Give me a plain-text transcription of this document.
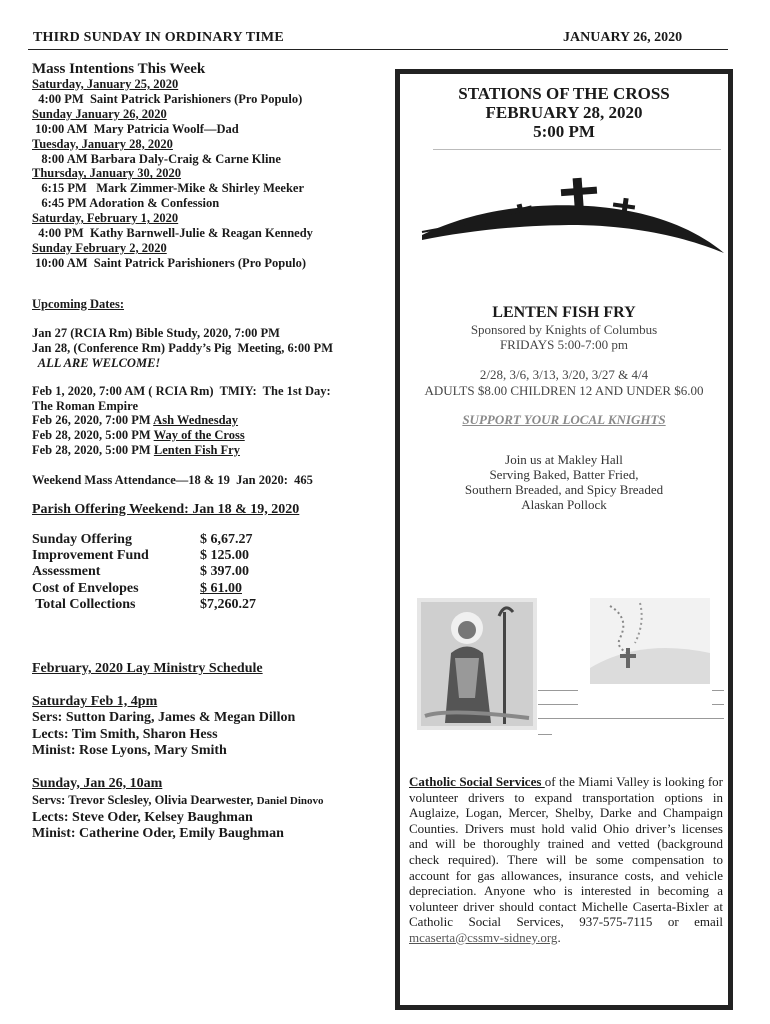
THIRD SUNDAY IN ORDINARY TIME	JANUARY 26, 2020
Mass Intentions This Week
Saturday, January 25, 2020
4:00 PM  Saint Patrick Parishioners (Pro Populo)
Sunday January 26, 2020
10:00 AM  Mary Patricia Woolf—Dad
Tuesday, January 28, 2020
8:00 AM Barbara Daly-Craig & Carne Kline
Thursday, January 30, 2020
6:15 PM   Mark Zimmer-Mike & Shirley Meeker
6:45 PM Adoration & Confession
Saturday, February 1, 2020
4:00 PM  Kathy Barnwell-Julie & Reagan Kennedy
Sunday February 2, 2020
10:00 AM  Saint Patrick Parishioners (Pro Populo)
Upcoming Dates:
Jan 27 (RCIA Rm) Bible Study, 2020, 7:00 PM
Jan 28, (Conference Rm) Paddy’s Pig  Meeting, 6:00 PM
ALL ARE WELCOME!
Feb 1, 2020, 7:00 AM ( RCIA Rm)  TMIY:  The 1st Day:
The Roman Empire
Feb 26, 2020, 7:00 PM Ash Wednesday
Feb 28, 2020, 5:00 PM Way of the Cross
Feb 28, 2020, 5:00 PM Lenten Fish Fry
Weekend Mass Attendance—18 & 19  Jan 2020:  465
Parish Offering Weekend: Jan 18 & 19, 2020
Sunday Offering	$ 6,67.27
Improvement Fund	$ 125.00
Assessment	$ 397.00
Cost of Envelopes	$ 61.00
Total Collections	$7,260.27
February, 2020 Lay Ministry Schedule
Saturday Feb 1, 4pm
Sers: Sutton Daring, James & Megan Dillon
Lects: Tim Smith, Sharon Hess
Minist: Rose Lyons, Mary Smith
Sunday, Jan 26, 10am
Servs: Trevor Sclesley, Olivia Dearwester, Daniel Dinovo
Lects: Steve Oder, Kelsey Baughman
Minist: Catherine Oder, Emily Baughman
STATIONS OF THE CROSS
FEBRUARY 28, 2020
5:00 PM
LENTEN FISH FRY
Sponsored by Knights of Columbus
FRIDAYS 5:00-7:00 pm
2/28, 3/6, 3/13, 3/20, 3/27 & 4/4
ADULTS $8.00 CHILDREN 12 AND UNDER $6.00
SUPPORT YOUR LOCAL KNIGHTS
Join us at Makley Hall
Serving Baked, Batter Fried,
Southern Breaded, and Spicy Breaded
Alaskan Pollock
Catholic Social Services of the Miami Valley is looking for volunteer drivers to expand transportation options in Auglaize, Logan, Mercer, Shelby, Darke and Champaign Counties. Drivers must hold valid Ohio driver’s licenses and will be thoroughly trained and vetted (background check required). There will be some compensation to account for gas allowances, insurance costs, and vehicle depreciation. Anyone who is interested in becoming a volunteer driver should contact Michelle Caserta-Bixler at Catholic Social Services, 937-575-7115 or email mcaserta@cssmv-sidney.org.
